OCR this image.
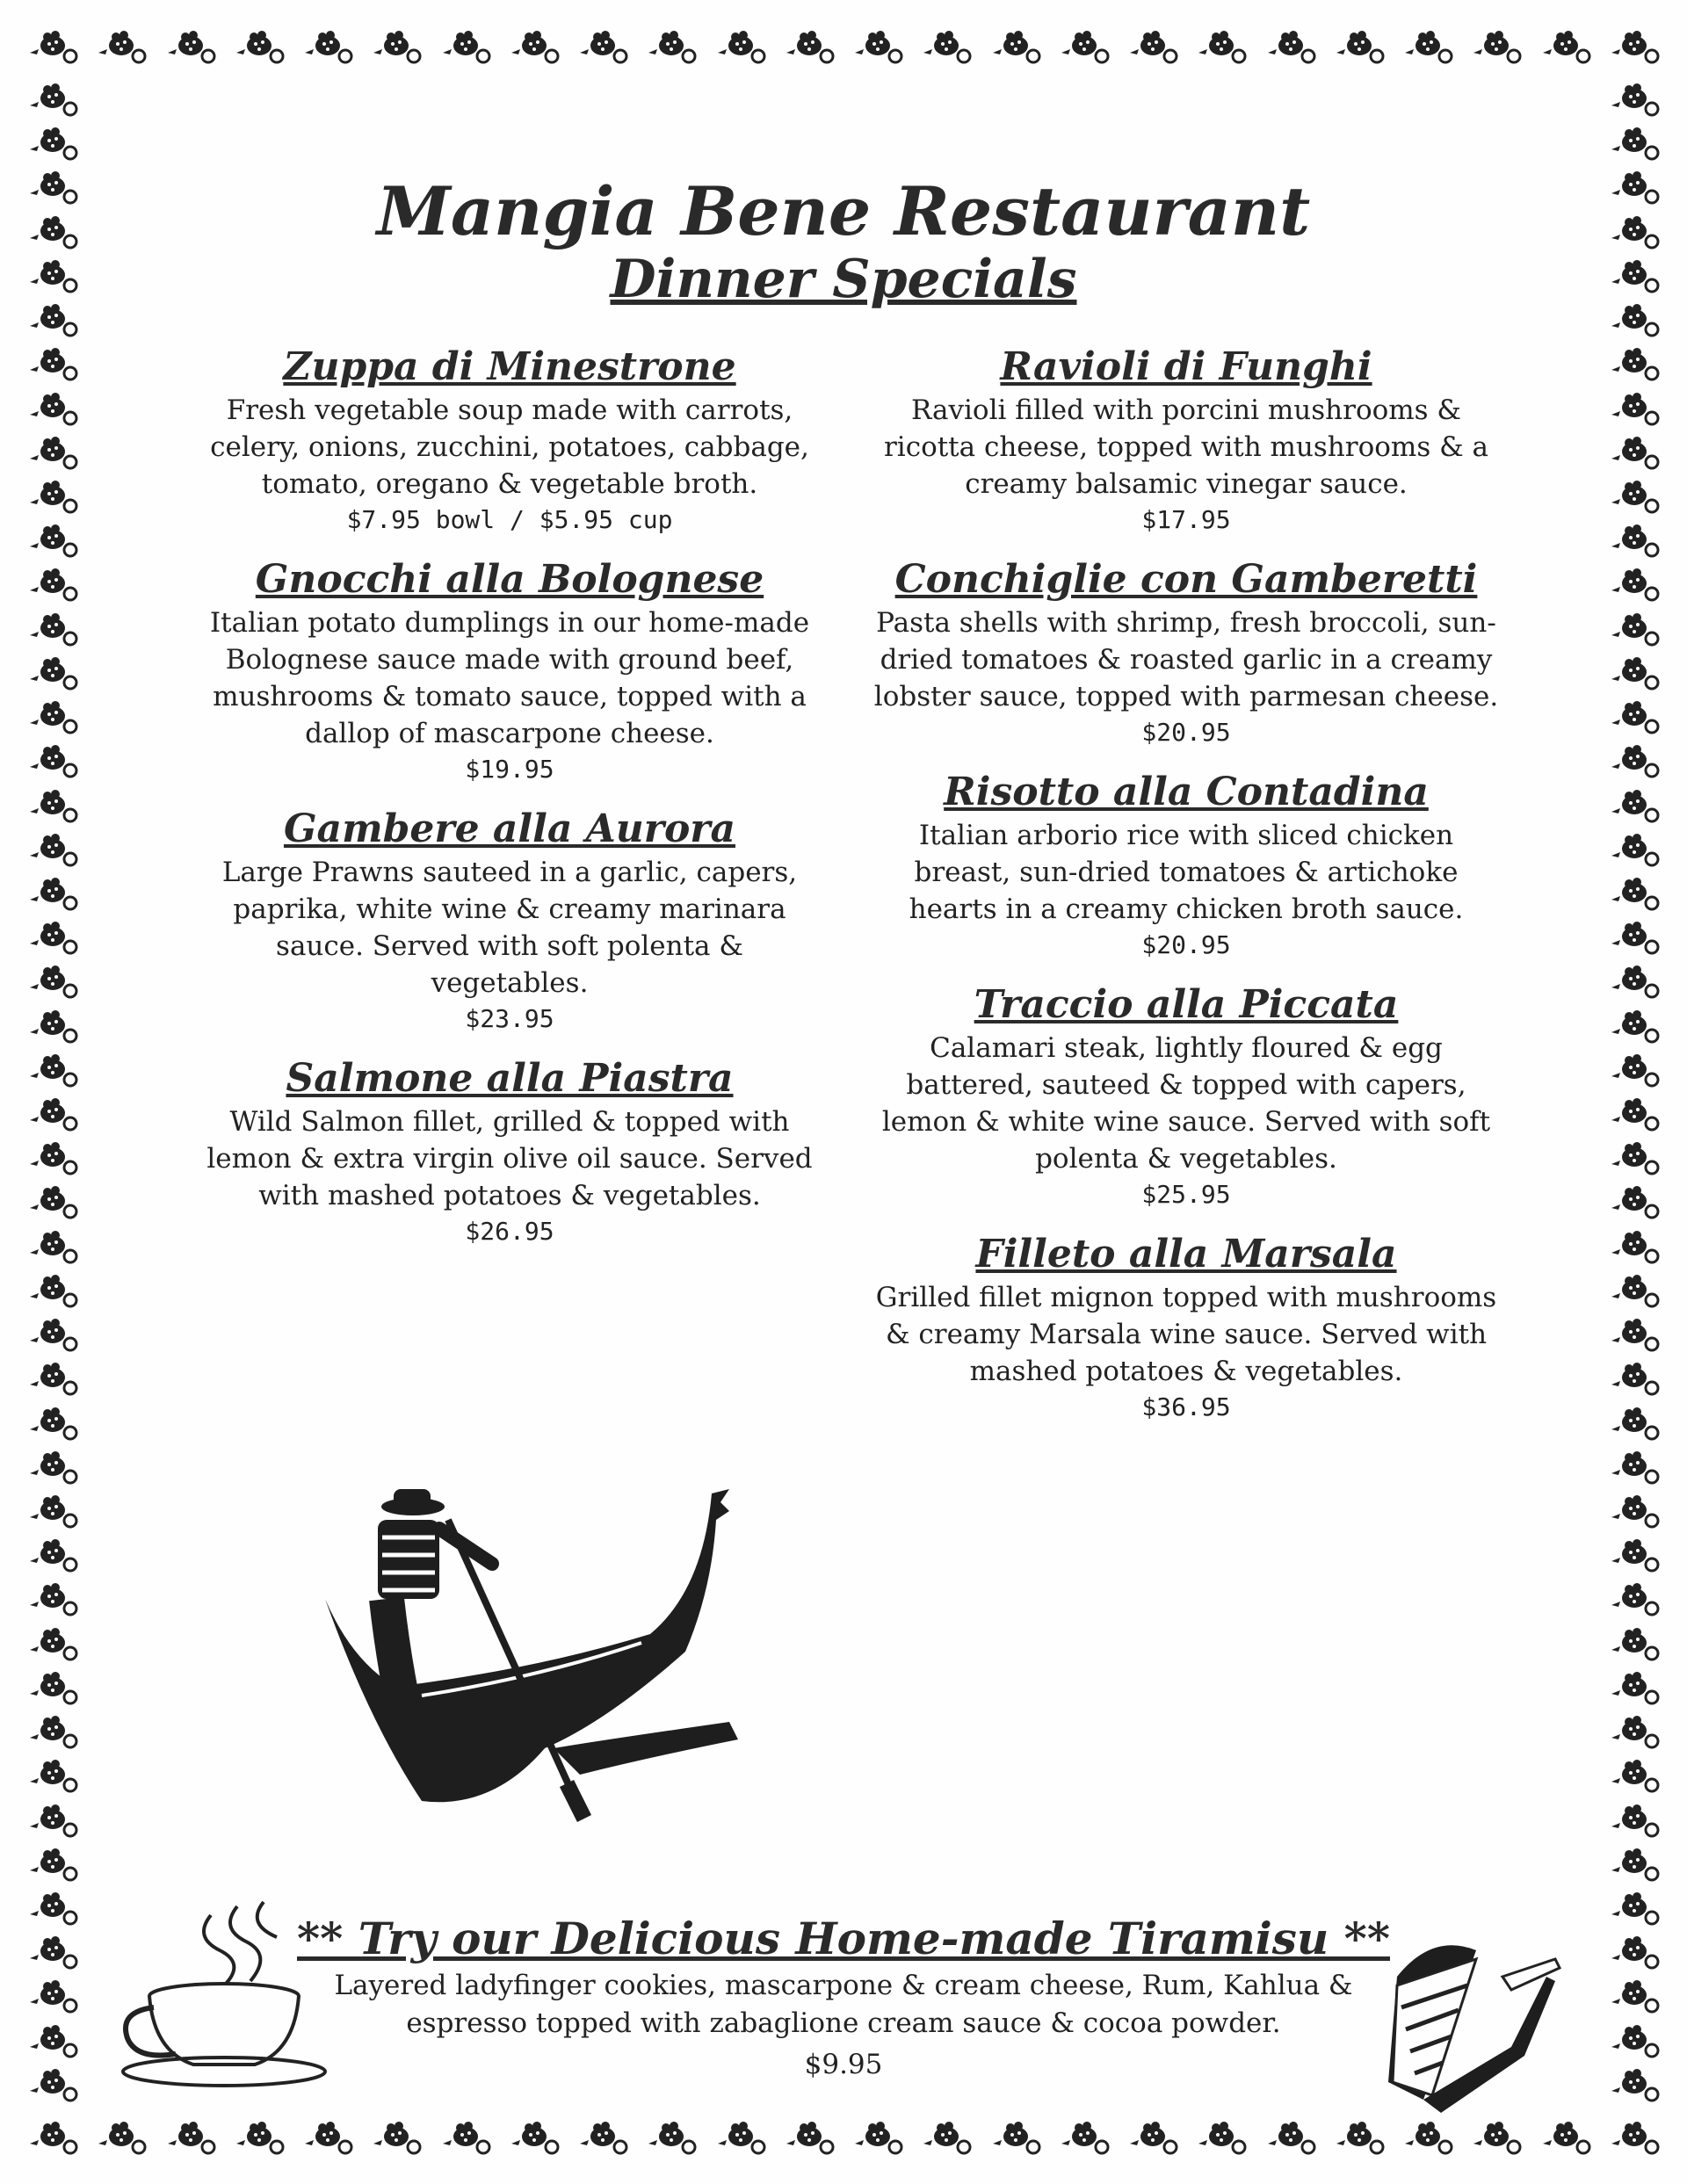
Mangia Bene Restaurant
Dinner Specials
Zuppa di Minestrone
Fresh vegetable soup made with carrots, celery, onions, zucchini, potatoes, cabbage, tomato, oregano & vegetable broth.
$7.95 bowl / $5.95 cup
Gnocchi alla Bolognese
Italian potato dumplings in our home-made Bolognese sauce made with ground beef, mushrooms & tomato sauce, topped with a dallop of mascarpone cheese.
$19.95
Gambere alla Aurora
Large Prawns sauteed in a garlic, capers, paprika, white wine & creamy marinara sauce. Served with soft polenta & vegetables.
$23.95
Salmone alla Piastra
Wild Salmon fillet, grilled & topped with lemon & extra virgin olive oil sauce. Served with mashed potatoes & vegetables.
$26.95
Ravioli di Funghi
Ravioli filled with porcini mushrooms & ricotta cheese, topped with mushrooms & a creamy balsamic vinegar sauce.
$17.95
Conchiglie con Gamberetti
Pasta shells with shrimp, fresh broccoli, sun-dried tomatoes & roasted garlic in a creamy lobster sauce, topped with parmesan cheese.
$20.95
Risotto alla Contadina
Italian arborio rice with sliced chicken breast, sun-dried tomatoes & artichoke hearts in a creamy chicken broth sauce.
$20.95
Traccio alla Piccata
Calamari steak, lightly floured & egg battered, sauteed & topped with capers, lemon & white wine sauce. Served with soft polenta & vegetables.
$25.95
Filleto alla Marsala
Grilled fillet mignon topped with mushrooms & creamy Marsala wine sauce. Served with mashed potatoes & vegetables.
$36.95
** Try our Delicious Home-made Tiramisu **
Layered ladyfinger cookies, mascarpone & cream cheese, Rum, Kahlua & espresso topped with zabaglione cream sauce & cocoa powder.
$9.95
